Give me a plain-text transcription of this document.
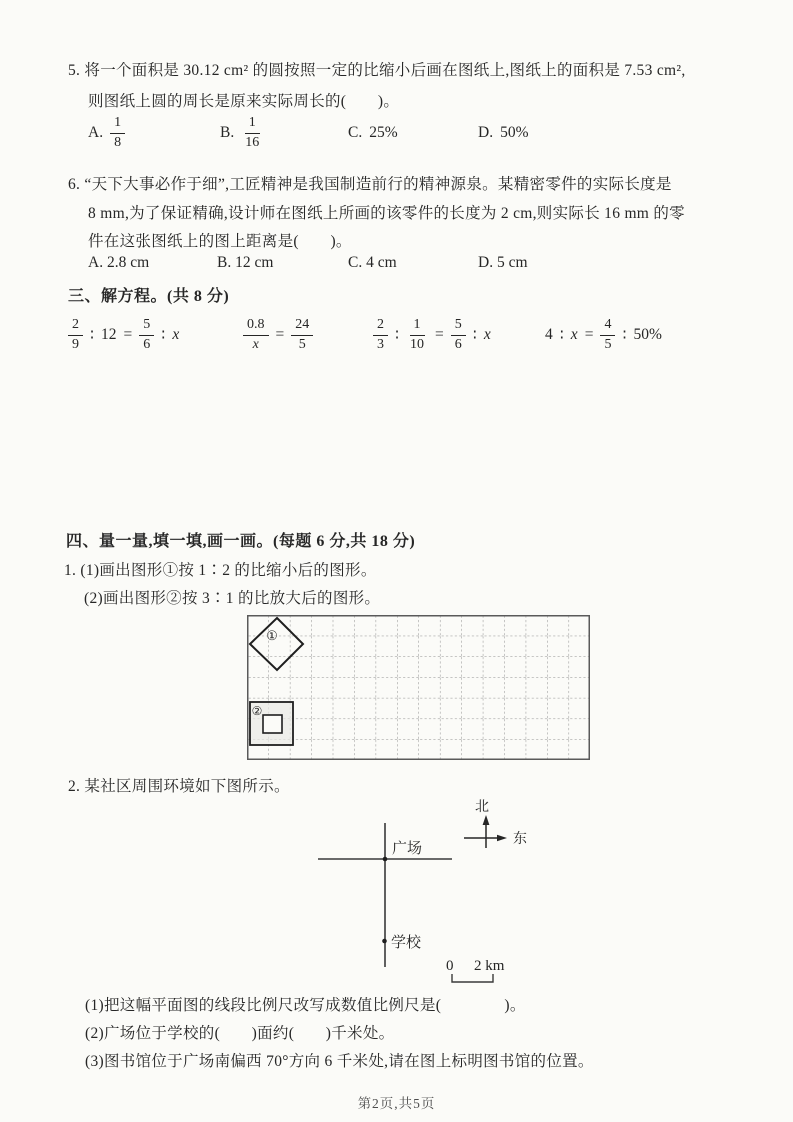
5. 将一个面积是 30.12 cm² 的圆按照一定的比缩小后画在图纸上,图纸上的面积是 7.53 cm²,
则图纸上圆的周长是原来实际周长的(　　)。
A. $\frac{1}{8}$	B. $\frac{1}{16}$	C. 25%	D. 50%
6. “天下大事必作于细”,工匠精神是我国制造前行的精神源泉。某精密零件的实际长度是
8 mm,为了保证精确,设计师在图纸上所画的该零件的长度为 2 cm,则实际长 16 mm 的零
件在这张图纸上的图上距离是(　　)。
A. 2.8 cm	B. 12 cm	C. 4 cm	D. 5 cm
三、解方程。(共 8 分)
$\frac{2}{9}$ ∶ $12 = \frac{5}{6}$ ∶ x	$\frac{0.8}{x} = \frac{24}{5}$	$\frac{2}{3}$ ∶ $\frac{1}{10} = \frac{5}{6}$ ∶ x	4 ∶ $x = \frac{4}{5}$ ∶ 50%
四、量一量,填一填,画一画。(每题 6 分,共 18 分)
1. (1)画出图形①按 1∶2 的比缩小后的图形。
(2)画出图形②按 3∶1 的比放大后的图形。
①
②
2. 某社区周围环境如下图所示。
北
东
广场
学校
0 2 km
(1)把这幅平面图的线段比例尺改写成数值比例尺是(　　　　)。
(2)广场位于学校的(　　)面约(　　)千米处。
(3)图书馆位于广场南偏西 70°方向 6 千米处,请在图上标明图书馆的位置。
第2页,共5页
